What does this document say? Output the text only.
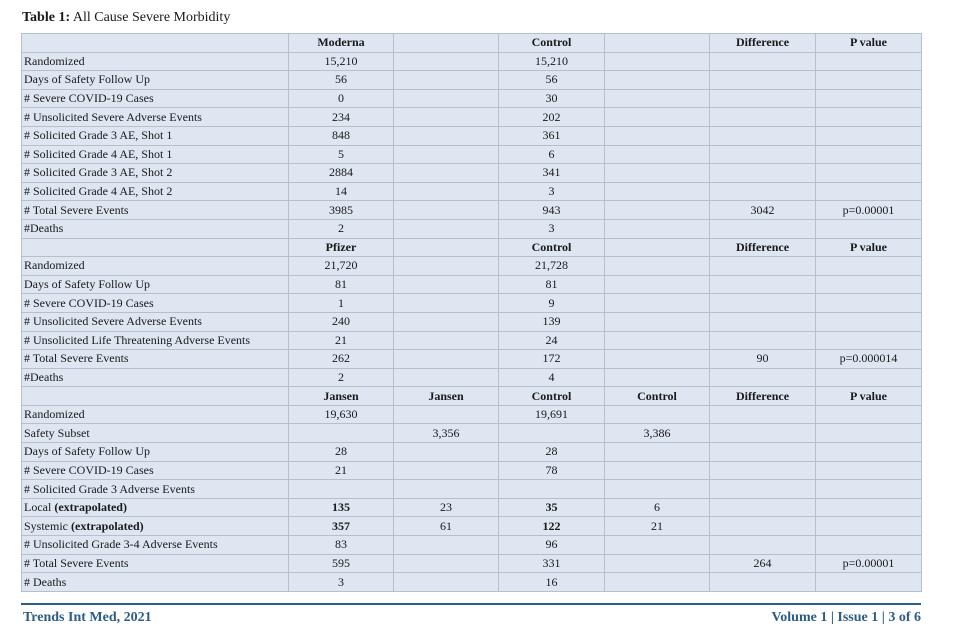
Table 1: All Cause Severe Morbidity
	Moderna		Control		Difference	P value
Randomized	15,210		15,210			
Days of Safety Follow Up	56		56			
# Severe COVID-19 Cases	0		30			
# Unsolicited Severe Adverse Events	234		202			
# Solicited Grade 3 AE, Shot 1	848		361			
# Solicited Grade 4 AE, Shot 1	5		6			
# Solicited Grade 3 AE, Shot 2	2884		341			
# Solicited Grade 4 AE, Shot 2	14		3			
# Total Severe Events	3985		943		3042	p=0.00001
#Deaths	2		3			
	Pfizer		Control		Difference	P value
Randomized	21,720		21,728			
Days of Safety Follow Up	81		81			
# Severe COVID-19 Cases	1		9			
# Unsolicited Severe Adverse Events	240		139			
# Unsolicited Life Threatening Adverse Events	21		24			
# Total Severe Events	262		172		90	p=0.000014
#Deaths	2		4			
	Jansen	Jansen	Control	Control	Difference	P value
Randomized	19,630		19,691			
Safety Subset		3,356		3,386		
Days of Safety Follow Up	28		28			
# Severe COVID-19 Cases	21		78			
# Solicited Grade 3 Adverse Events						
Local (extrapolated)	135	23	35	6		
Systemic (extrapolated)	357	61	122	21		
# Unsolicited Grade 3-4 Adverse Events	83		96			
# Total Severe Events	595		331		264	p=0.00001
# Deaths	3		16			
Trends Int Med, 2021	Volume 1 | Issue 1 | 3 of 6
